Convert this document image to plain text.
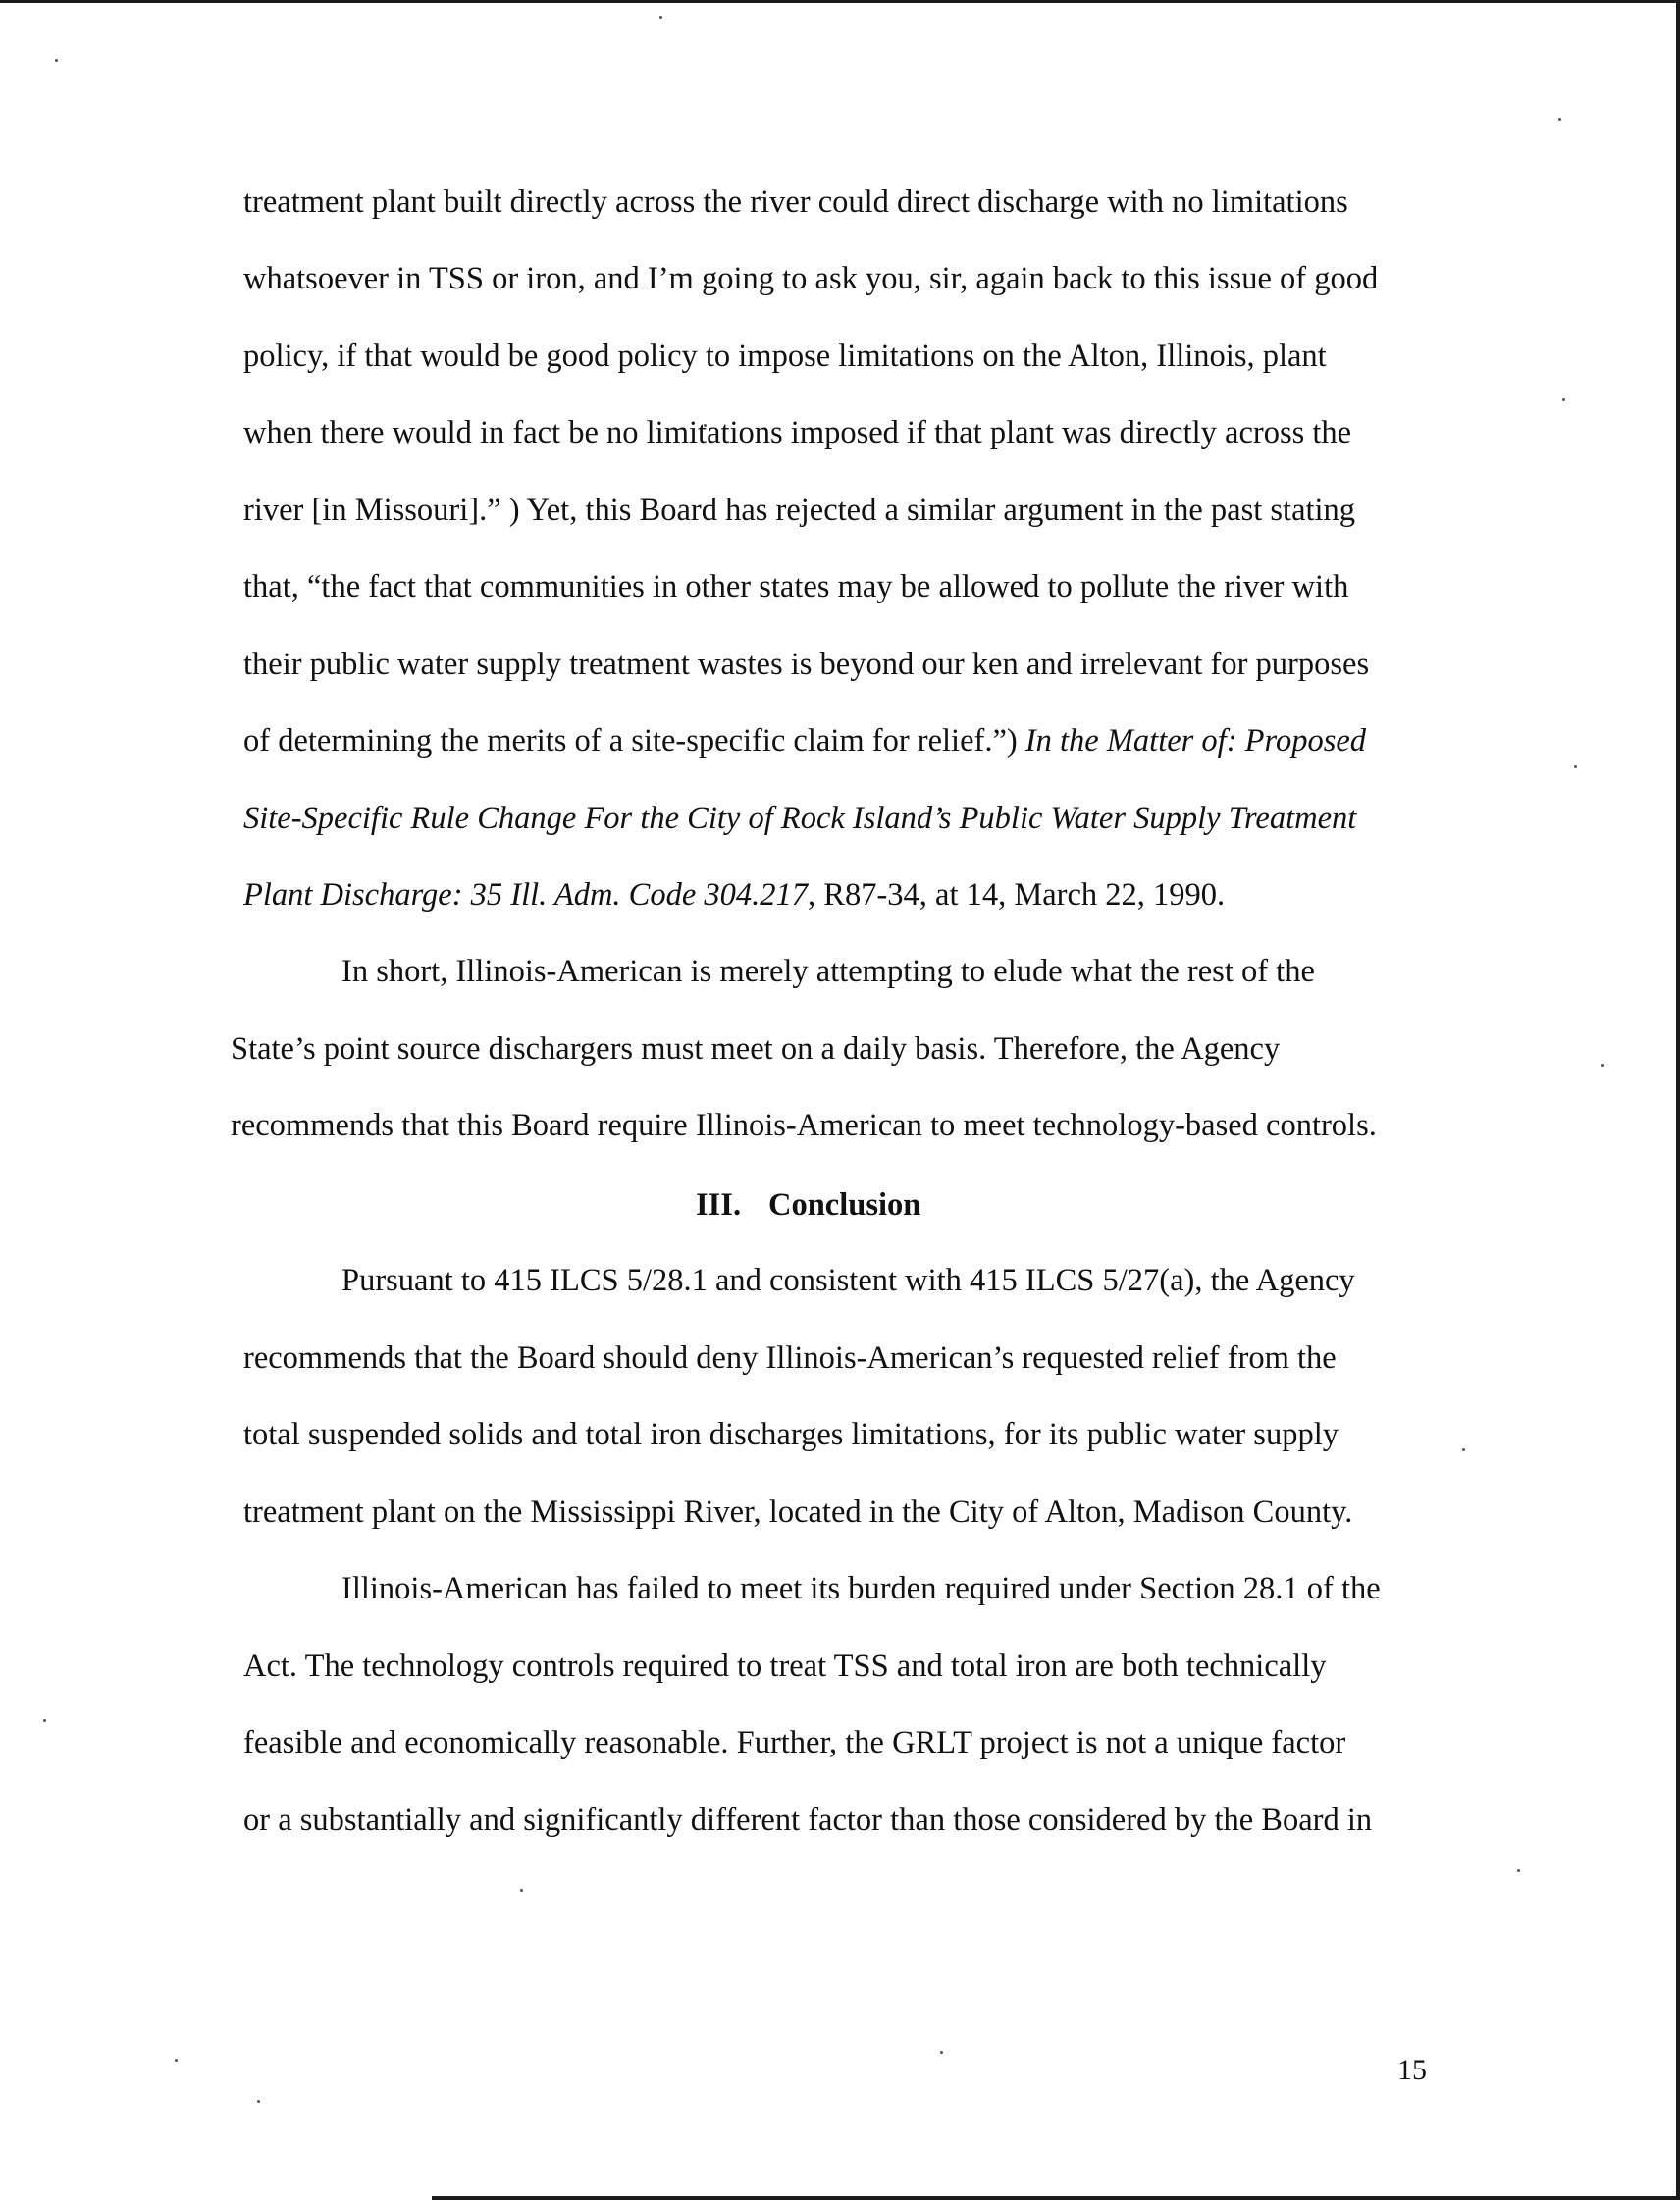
treatment plant built directly across the river could direct discharge with no limitations
whatsoever in TSS or iron, and I’m going to ask you, sir, again back to this issue of good
policy, if that would be good policy to impose limitations on the Alton, Illinois, plant
when there would in fact be no limitations imposed if that plant was directly across the
river [in Missouri].” ) Yet, this Board has rejected a similar argument in the past stating
that, “the fact that communities in other states may be allowed to pollute the river with
their public water supply treatment wastes is beyond our ken and irrelevant for purposes
of determining the merits of a site-specific claim for relief.”) In the Matter of: Proposed
Site-Specific Rule Change For the City of Rock Island’s Public Water Supply Treatment
Plant Discharge: 35 Ill. Adm. Code 304.217, R87-34, at 14, March 22, 1990.
In short, Illinois-American is merely attempting to elude what the rest of the
State’s point source dischargers must meet on a daily basis. Therefore, the Agency
recommends that this Board require Illinois-American to meet technology-based controls.
III. Conclusion
Pursuant to 415 ILCS 5/28.1 and consistent with 415 ILCS 5/27(a), the Agency
recommends that the Board should deny Illinois-American’s requested relief from the
total suspended solids and total iron discharges limitations, for its public water supply
treatment plant on the Mississippi River, located in the City of Alton, Madison County.
Illinois-American has failed to meet its burden required under Section 28.1 of the
Act. The technology controls required to treat TSS and total iron are both technically
feasible and economically reasonable. Further, the GRLT project is not a unique factor
or a substantially and significantly different factor than those considered by the Board in
15
